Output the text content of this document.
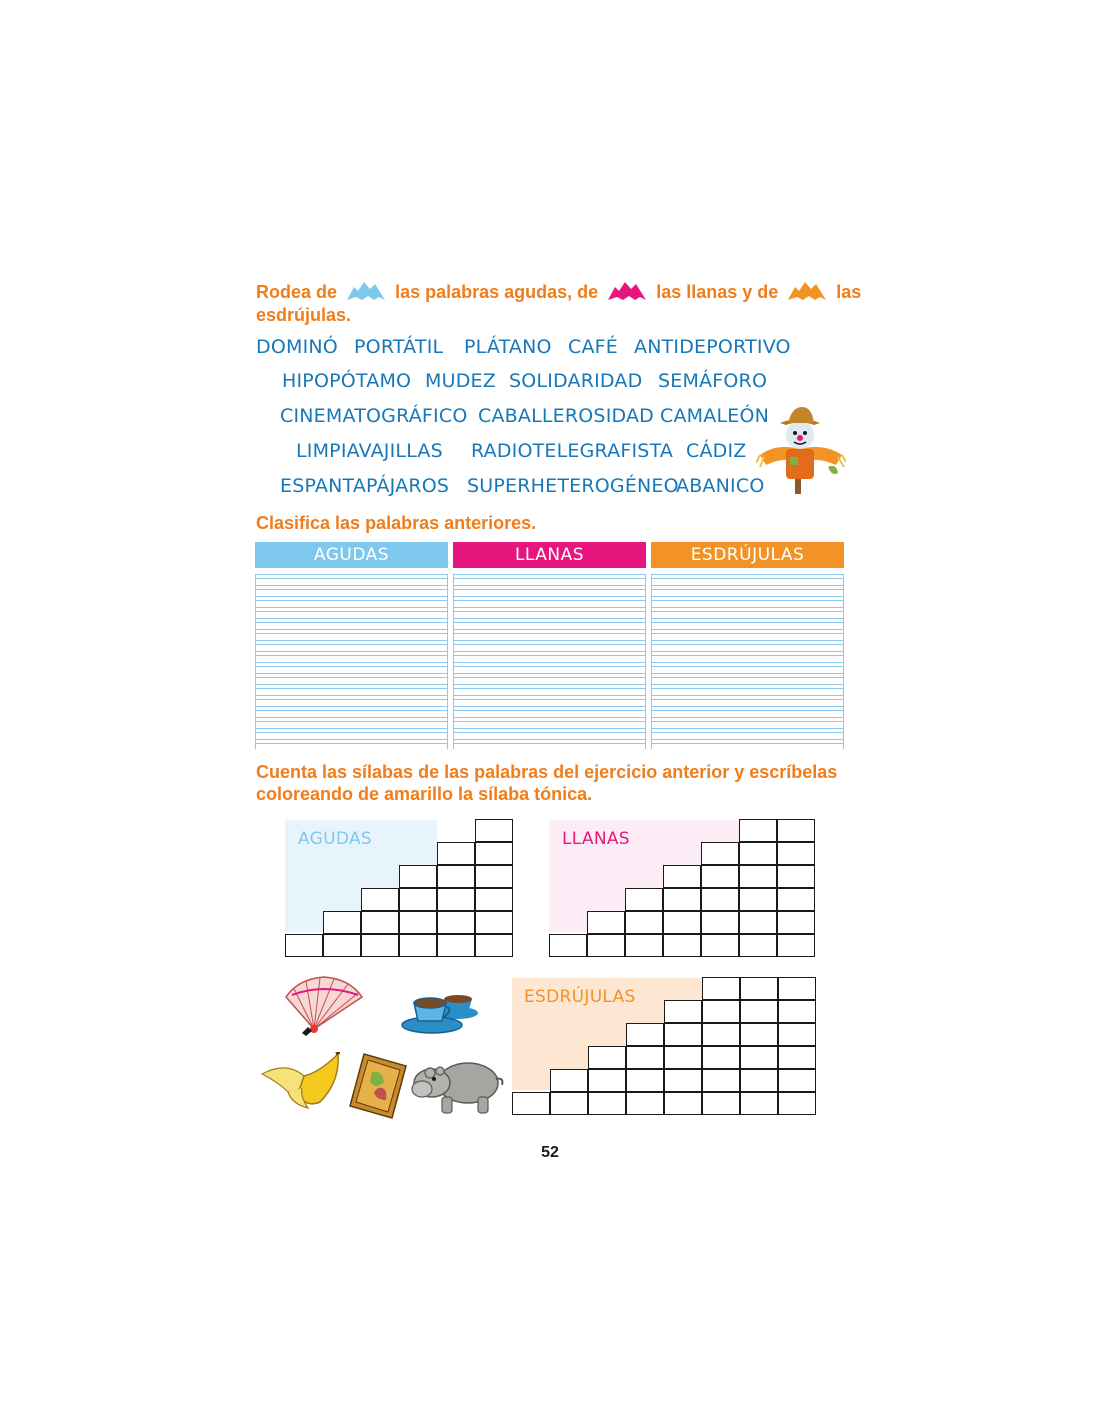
Rodea de	las palabras agudas, de	las llanas y de	las
esdrújulas.
DOMINÓ PORTÁTIL PLÁTANO CAFÉ ANTIDEPORTIVO
HIPOPÓTAMO MUDEZ SOLIDARIDAD SEMÁFORO
CINEMATOGRÁFICO CABALLEROSIDAD CAMALEÓN
LIMPIAVAJILLAS RADIOTELEGRAFISTA CÁDIZ
ESPANTAPÁJAROS SUPERHETEROGÉNEO
ABANICO
Clasifica las palabras anteriores.
AGUDAS	LLANAS	ESDRÚJULAS
Cuenta las sílabas de las palabras del ejercicio anterior y escríbelas
coloreando de amarillo la sílaba tónica.
AGUDAS	LLANAS
ESDRÚJULAS
52
